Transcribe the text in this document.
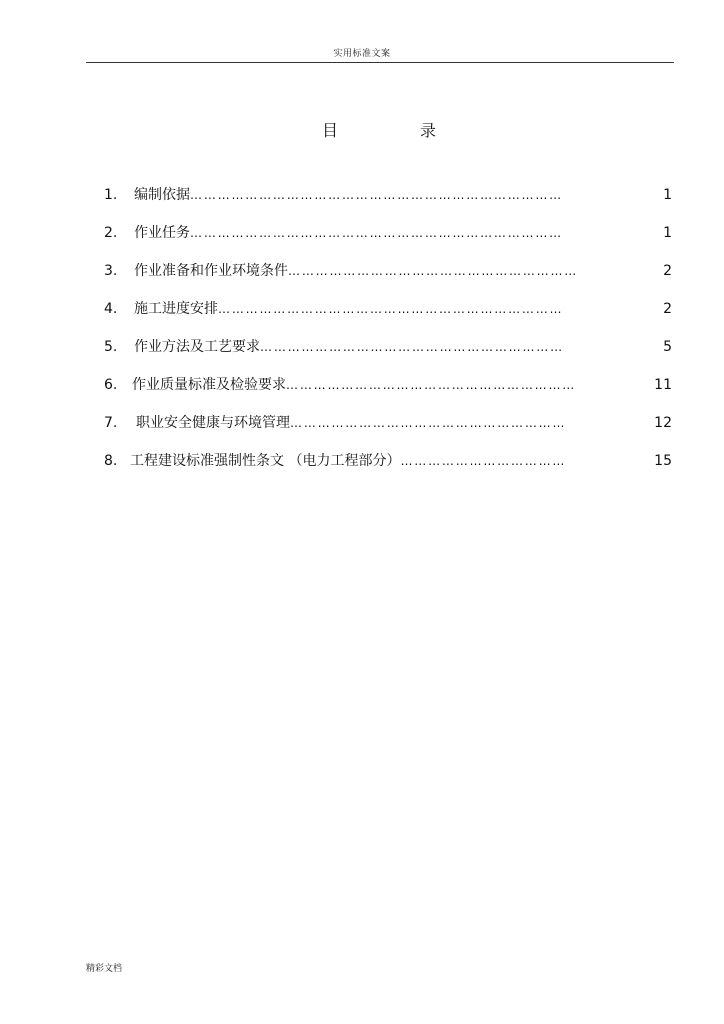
实用标准文案
目	录
1. 编制依据… … … … … … … … … … … … … … … … … … … … … … … … … … …	1
2. 作业任务… … … … … … … … … … … … … … … … … … … … … … … … … … …	1
3. 作业准备和作业环境条件… … … … … … … … … … … … … … … … … … … … …	2
4. 施工进度安排… … … … … … … … … … … … … … … … … … … … … … … … …	2
5. 作业方法及工艺要求… … … … … … … … … … … … … … … … … … … … … …	5
6. 作业质量标准及检验要求… … … … … … … … … … … … … … … … … … … … …	11
7. 职业安全健康与环境管理… … … … … … … … … … … … … … … … … … … …	12
8. 工程建设标准强制性条文 （电力工程部分）… … … … … … … … … … … …	15
精彩文档
